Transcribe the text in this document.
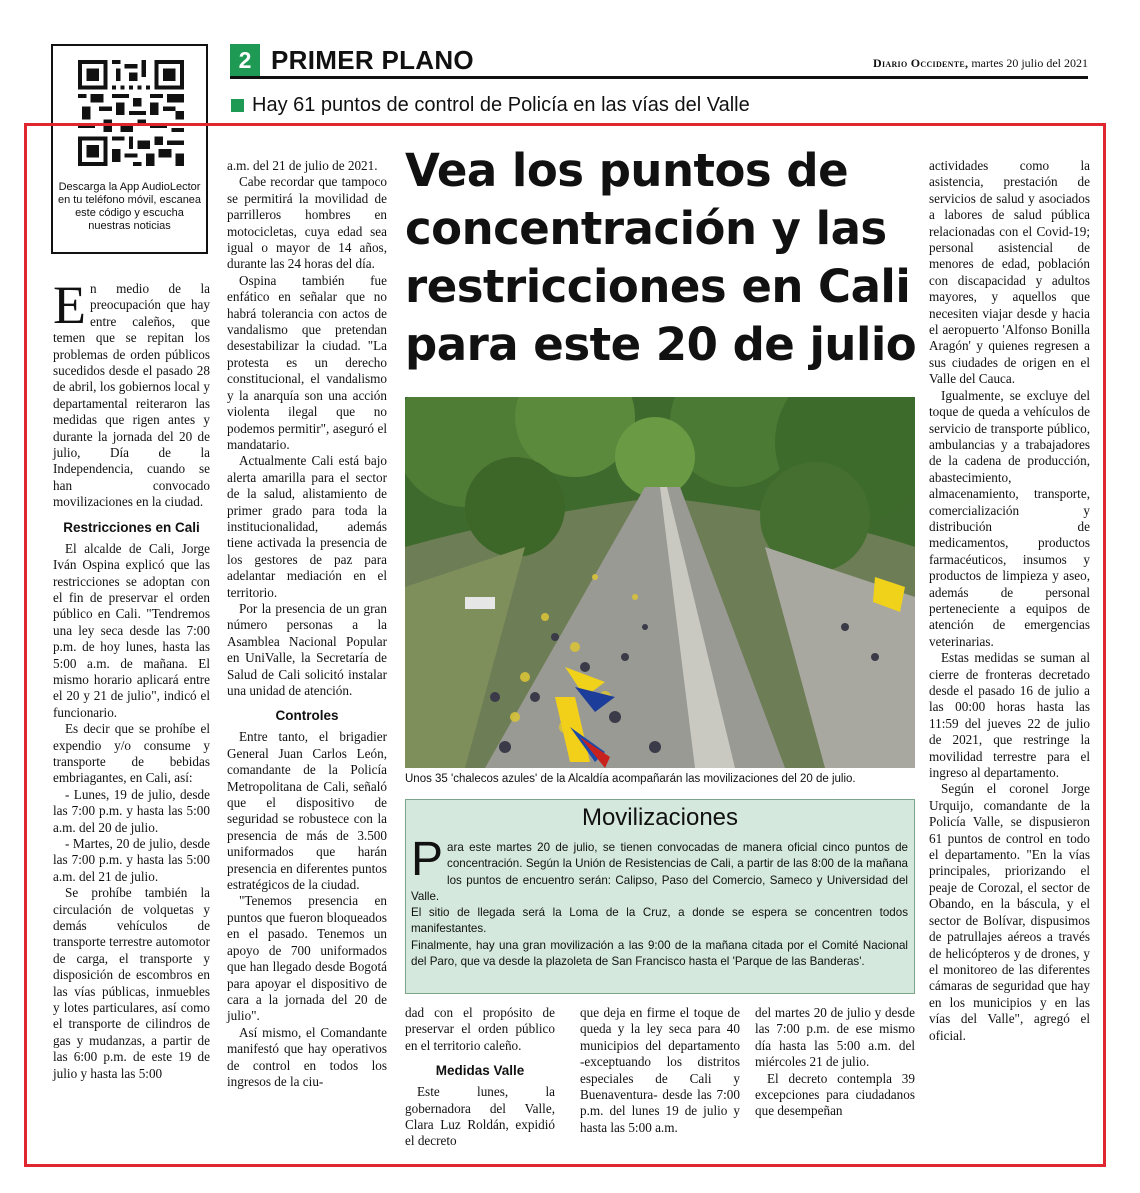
Descarga la App AudioLector en tu teléfono móvil, escanea este código y escucha nuestras noticias
2 PRIMER PLANO	Diario Occidente, martes 20 julio del 2021
Hay 61 puntos de control de Policía en las vías del Valle

En medio de la preocupación que hay entre caleños, que temen que se repitan los problemas de orden públicos sucedidos desde el pasado 28 de abril, los gobiernos local y departamental reiteraron las medidas que rigen antes y durante la jornada del 20 de julio, Día de la Independencia, cuando se han convocado movilizaciones en la ciudad.

Restricciones en Cali

El alcalde de Cali, Jorge Iván Ospina explicó que las restricciones se adoptan con el fin de preservar el orden público en Cali. "Tendremos una ley seca desde las 7:00 p.m. de hoy lunes, hasta las 5:00 a.m. de mañana. El mismo horario aplicará entre el 20 y 21 de julio", indicó el funcionario.

Es decir que se prohíbe el expendio y/o consume y transporte de bebidas embriagantes, en Cali, así:

- Lunes, 19 de julio, desde las 7:00 p.m. y hasta las 5:00 a.m. del 20 de julio.

- Martes, 20 de julio, desde las 7:00 p.m. y hasta las 5:00 a.m. del 21 de julio.

Se prohíbe también la circulación de volquetas y demás vehículos de transporte terrestre automotor de carga, el transporte y disposición de escombros en las vías públicas, inmuebles y lotes particulares, así como el transporte de cilindros de gas y mudanzas, a partir de las 6:00 p.m. de este 19 de julio y hasta las 5:00

a.m. del 21 de julio de 2021.

Cabe recordar que tampoco se permitirá la movilidad de parrilleros hombres en motocicletas, cuya edad sea igual o mayor de 14 años, durante las 24 horas del día.

Ospina también fue enfático en señalar que no habrá tolerancia con actos de vandalismo que pretendan desestabilizar la ciudad. "La protesta es un derecho constitucional, el vandalismo y la anarquía son una acción violenta ilegal que no podemos permitir", aseguró el mandatario.

Actualmente Cali está bajo alerta amarilla para el sector de la salud, alistamiento de primer grado para toda la institucionalidad, además tiene activada la presencia de los gestores de paz para adelantar mediación en el territorio.

Por la presencia de un gran número personas a la Asamblea Nacional Popular en UniValle, la Secretaría de Salud de Cali solicitó instalar una unidad de atención.

Controles

Entre tanto, el brigadier General Juan Carlos León, comandante de la Policía Metropolitana de Cali, señaló que el dispositivo de seguridad se robustece con la presencia de más de 3.500 uniformados que harán presencia en diferentes puntos estratégicos de la ciudad.

"Tenemos presencia en puntos que fueron bloqueados en el pasado. Tenemos un apoyo de 700 uniformados que han llegado desde Bogotá para apoyar el dispositivo de cara a la jornada del 20 de julio".

Así mismo, el Comandante manifestó que hay operativos de control en todos los ingresos de la ciu-

Vea los puntos de concentración y las restricciones en Cali para este 20 de julio
Unos 35 'chalecos azules' de la Alcaldía acompañarán las movilizaciones del 20 de julio.
Movilizaciones

Para este martes 20 de julio, se tienen convocadas de manera oficial cinco puntos de concentración. Según la Unión de Resistencias de Cali, a partir de las 8:00 de la mañana los puntos de encuentro serán: Calipso, Paso del Comercio, Sameco y Universidad del Valle.

El sitio de llegada será la Loma de la Cruz, a donde se espera se concentren todos manifestantes.

Finalmente, hay una gran movilización a las 9:00 de la mañana citada por el Comité Nacional del Paro, que va desde la plazoleta de San Francisco hasta el 'Parque de las Banderas'.

dad con el propósito de preservar el orden público en el territorio caleño.

Medidas Valle

Este lunes, la gobernadora del Valle, Clara Luz Roldán, expidió el decreto

que deja en firme el toque de queda y la ley seca para 40 municipios del departamento -exceptuando los distritos especiales de Cali y Buenaventura- desde las 7:00 p.m. del lunes 19 de julio y hasta las 5:00 a.m.

del martes 20 de julio y desde las 7:00 p.m. de ese mismo día hasta las 5:00 a.m. del miércoles 21 de julio.

El decreto contempla 39 excepciones para ciudadanos que desempeñan

actividades como la asistencia, prestación de servicios de salud y asociados a labores de salud pública relacionadas con el Covid-19; personal asistencial de menores de edad, población con discapacidad y adultos mayores, y aquellos que necesiten viajar desde y hacia el aeropuerto 'Alfonso Bonilla Aragón' y quienes regresen a sus ciudades de origen en el Valle del Cauca.

Igualmente, se excluye del toque de queda a vehículos de servicio de transporte público, ambulancias y a trabajadores de la cadena de producción, abastecimiento, almacenamiento, transporte, comercialización y distribución de medicamentos, productos farmacéuticos, insumos y productos de limpieza y aseo, además de personal perteneciente a equipos de atención de emergencias veterinarias.

Estas medidas se suman al cierre de fronteras decretado desde el pasado 16 de julio a las 00:00 horas hasta las 11:59 del jueves 22 de julio de 2021, que restringe la movilidad terrestre para el ingreso al departamento.

Según el coronel Jorge Urquijo, comandante de la Policía Valle, se dispusieron 61 puntos de control en todo el departamento. "En la vías principales, priorizando el peaje de Corozal, el sector de Obando, en la báscula, y el sector de Bolívar, dispusimos de patrullajes aéreos a través de helicópteros y de drones, y el monitoreo de las diferentes cámaras de seguridad que hay en los municipios y en las vías del Valle", agregó el oficial.
